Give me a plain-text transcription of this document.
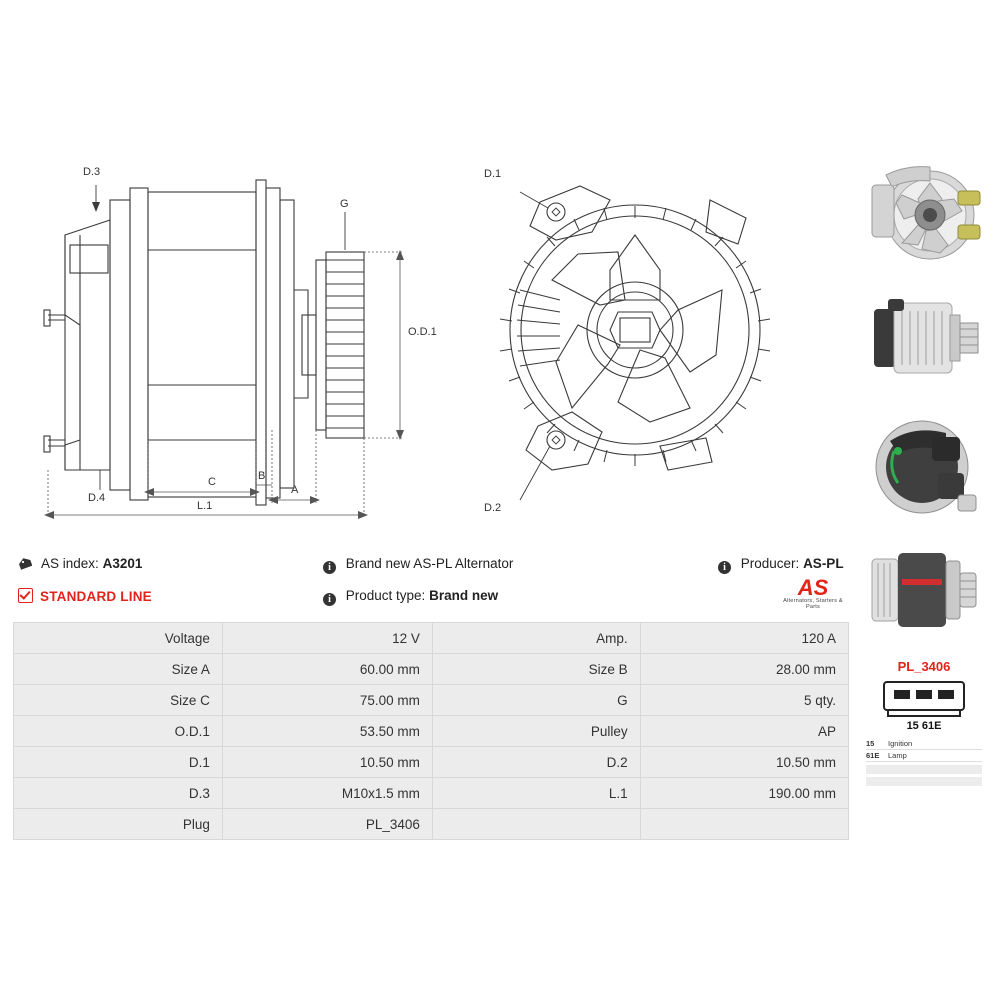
D.3
D.4
G
O.D.1
C	B
A
L.1
D.1
D.2
AS index: A3201
STANDARD LINE
i Brand new AS-PL Alternator
i Product type: Brand new
i Producer: AS-PL
AS
Alternators, Starters & Parts
Voltage	12 V	Amp.	120 A
Size A	60.00 mm	Size B	28.00 mm
Size C	75.00 mm	G	5 qty.
O.D.1	53.50 mm	Pulley	AP
D.1	10.50 mm	D.2	10.50 mm
D.3	M10x1.5 mm	L.1	190.00 mm
Plug	PL_3406		
PL_3406
15 61E
15	Ignition
61E	Lamp
